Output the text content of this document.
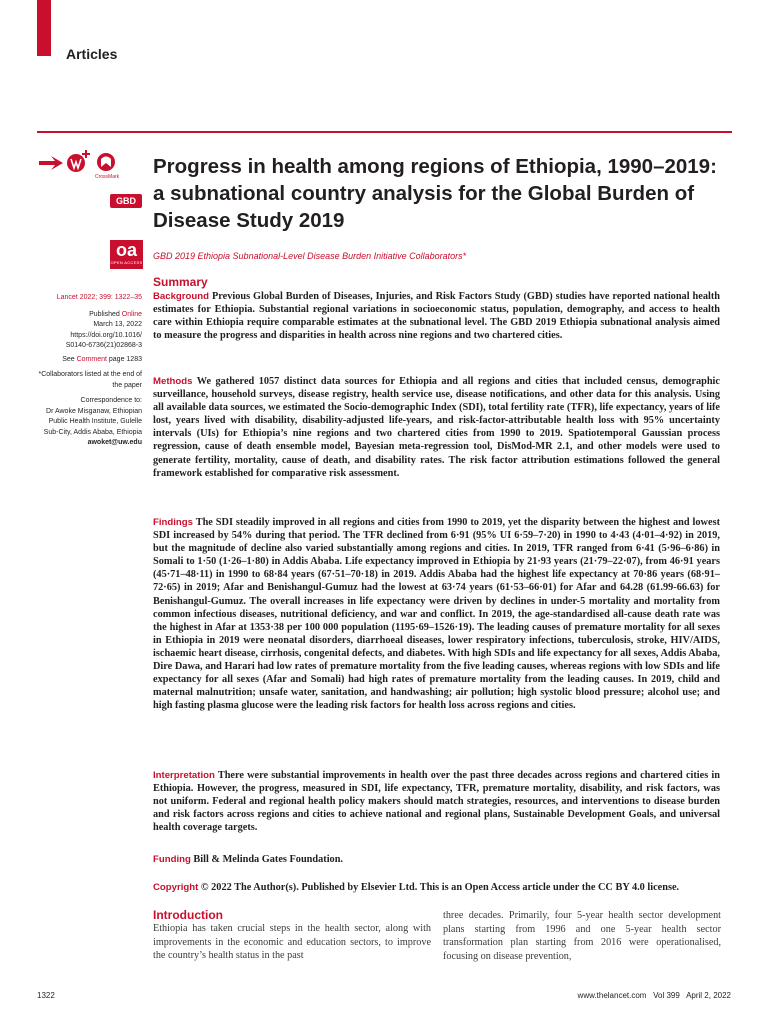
Articles
CrossMark
GBD
oa
OPEN ACCESS
Progress in health among regions of Ethiopia, 1990–2019: a subnational country analysis for the Global Burden of Disease Study 2019
GBD 2019 Ethiopia Subnational-Level Disease Burden Initiative Collaborators*
Summary

Lancet 2022; 399: 1322–35

Published Online

March 13, 2022

https://doi.org/10.1016/

S0140-6736(21)02868-3

See Comment page 1283

*Collaborators listed at the end of the paper

Correspondence to:

Dr Awoke Misganaw, Ethiopian Public Health Institute, Gulelle Sub-City, Addis Ababa, Ethiopia

awoket@uw.edu

Background Previous Global Burden of Diseases, Injuries, and Risk Factors Study (GBD) studies have reported national health estimates for Ethiopia. Substantial regional variations in socioeconomic status, population, demography, and access to health care within Ethiopia require comparable estimates at the subnational level. The GBD 2019 Ethiopia subnational analysis aimed to measure the progress and disparities in health across nine regions and two chartered cities.

Methods We gathered 1057 distinct data sources for Ethiopia and all regions and cities that included census, demographic surveillance, household surveys, disease registry, health service use, disease notifications, and other data for this analysis. Using all available data sources, we estimated the Socio-demographic Index (SDI), total fertility rate (TFR), life expectancy, years of life lost, years lived with disability, disability-adjusted life-years, and risk-factor-attributable health loss with 95% uncertainty intervals (UIs) for Ethiopia’s nine regions and two chartered cities from 1990 to 2019. Spatiotemporal Gaussian process regression, cause of death ensemble model, Bayesian meta-regression tool, DisMod-MR 2.1, and other models were used to generate fertility, mortality, cause of death, and disability rates. The risk factor attribution estimations followed the general framework established for comparative risk assessment.

Findings The SDI steadily improved in all regions and cities from 1990 to 2019, yet the disparity between the highest and lowest SDI increased by 54% during that period. The TFR declined from 6·91 (95% UI 6·59–7·20) in 1990 to 4·43 (4·01–4·92) in 2019, but the magnitude of decline also varied substantially among regions and cities. In 2019, TFR ranged from 6·41 (5·96–6·86) in Somali to 1·50 (1·26–1·80) in Addis Ababa. Life expectancy improved in Ethiopia by 21·93 years (21·79–22·07), from 46·91 years (45·71–48·11) in 1990 to 68·84 years (67·51–70·18) in 2019. Addis Ababa had the highest life expectancy at 70·86 years (68·91–72·65) in 2019; Afar and Benishangul-Gumuz had the lowest at 63·74 years (61·53–66·01) for Afar and 64.28 (61.99-66.63) for Benishangul-Gumuz. The overall increases in life expectancy were driven by declines in under-5 mortality and mortality from common infectious diseases, nutritional deficiency, and war and conflict. In 2019, the age-standardised all-cause death rate was the highest in Afar at 1353·38 per 100 000 population (1195·69–1526·19). The leading causes of premature mortality for all sexes in Ethiopia in 2019 were neonatal disorders, diarrhoeal diseases, lower respiratory infections, tuberculosis, stroke, HIV/AIDS, ischaemic heart disease, cirrhosis, congenital defects, and diabetes. With high SDIs and life expectancy for all sexes, Addis Ababa, Dire Dawa, and Harari had low rates of premature mortality from the five leading causes, whereas regions with low SDIs and life expectancy for all sexes (Afar and Somali) had high rates of premature mortality from the leading causes. In 2019, child and maternal malnutrition; unsafe water, sanitation, and handwashing; air pollution; high systolic blood pressure; alcohol use; and high fasting plasma glucose were the leading risk factors for health loss across regions and cities.

Interpretation There were substantial improvements in health over the past three decades across regions and chartered cities in Ethiopia. However, the progress, measured in SDI, life expectancy, TFR, premature mortality, disability, and risk factors, was not uniform. Federal and regional health policy makers should match strategies, resources, and interventions to disease burden and risk factors across regions and cities to achieve national and regional plans, Sustainable Development Goals, and universal health coverage targets.

Funding Bill & Melinda Gates Foundation.

Copyright © 2022 The Author(s). Published by Elsevier Ltd. This is an Open Access article under the CC BY 4.0 license.

Introduction

Ethiopia has taken crucial steps in the health sector, along with improvements in the economic and education sectors, to improve the country’s health status in the past

three decades. Primarily, four 5-year health sector development plans starting from 1996 and one 5-year health sector transformation plan starting from 2016 were operationalised, focusing on disease prevention,

1322	www.thelancet.com Vol 399 April 2, 2022
